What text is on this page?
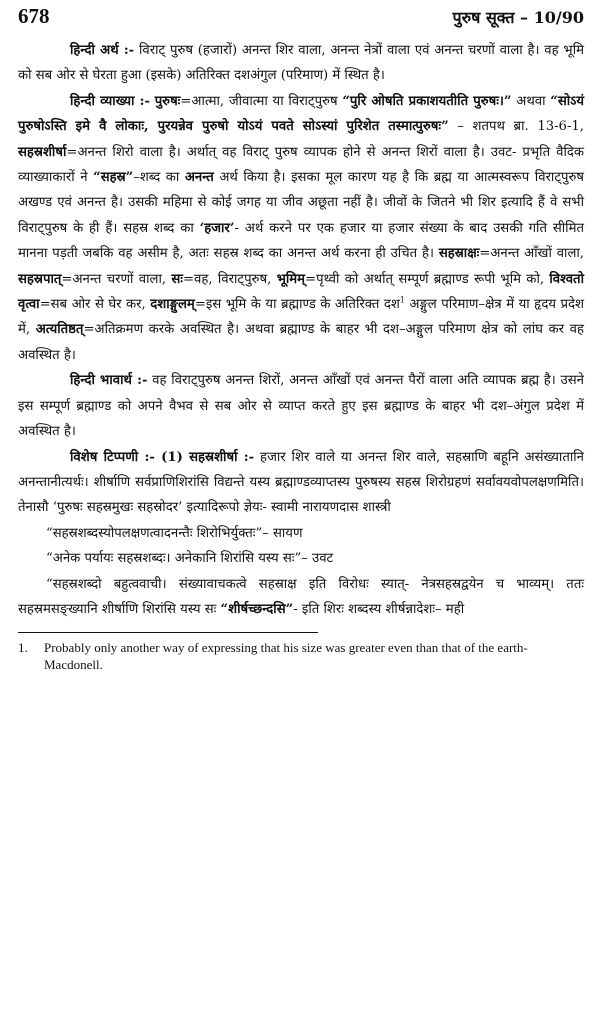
678	पुरुष सूक्त – 10/90

हिन्दी अर्थ :- विराट् पुरुष (हजारों) अनन्त शिर वाला, अनन्त नेत्रों वाला एवं अनन्त चरणों वाला है। वह भूमि को सब ओर से घेरता हुआ (इसके) अतिरिक्त दशअंगुल (परिमाण) में स्थित है।

हिन्दी व्याख्या :- पुरुषः=आत्मा, जीवात्मा या विराट्पुरुष “पुरि ओषति प्रकाशयतीति पुरुषः।” अथवा “सोऽयं पुरुषोऽस्ति इमे वै लोकाः, पुरयन्नेव पुरुषो योऽयं पवते सोऽस्यां पुरिशेत तस्मात्पुरुषः” – शतपथ ब्रा. 13-6-1, सहस्रशीर्षा=अनन्त शिरो वाला है। अर्थात् वह विराट् पुरुष व्यापक होने से अनन्त शिरों वाला है। उवट- प्रभृति वैदिक व्याख्याकारों ने “सहस्र”–शब्द का अनन्त अर्थ किया है। इसका मूल कारण यह है कि ब्रह्म या आत्मस्वरूप विराट्पुरुष अखण्ड एवं अनन्त है। उसकी महिमा से कोई जगह या जीव अछूता नहीं है। जीवों के जितने भी शिर इत्यादि हैं वे सभी विराट्पुरुष के ही हैं। सहस्र शब्द का ‘हजार’- अर्थ करने पर एक हजार या हजार संख्या के बाद उसकी गति सीमित मानना पड़ती जबकि वह असीम है, अतः सहस्र शब्द का अनन्त अर्थ करना ही उचित है। सहस्राक्षः=अनन्त आँखों वाला, सहस्रपात्=अनन्त चरणों वाला, सः=वह, विराट्पुरुष, भूमिम्=पृथ्वी को अर्थात् सम्पूर्ण ब्रह्माण्ड रूपी भूमि को, विश्वतो वृत्वा=सब ओर से घेर कर, दशाङ्गुलम्=इस भूमि के या ब्रह्माण्ड के अतिरिक्त दश$^1$ अङ्गुल परिमाण–क्षेत्र में या हृदय प्रदेश में, अत्यतिष्ठत्=अतिक्रमण करके अवस्थित है। अथवा ब्रह्माण्ड के बाहर भी दश–अङ्गुल परिमाण क्षेत्र को लांघ कर वह अवस्थित है।

हिन्दी भावार्थ :- वह विराट्पुरुष अनन्त शिरों, अनन्त आँखों एवं अनन्त पैरों वाला अति व्यापक ब्रह्म है। उसने इस सम्पूर्ण ब्रह्माण्ड को अपने वैभव से सब ओर से व्याप्त करते हुए इस ब्रह्माण्ड के बाहर भी दश–अंगुल प्रदेश में अवस्थित है।

विशेष टिप्पणी :- (1) सहस्रशीर्षा :- हजार शिर वाले या अनन्त शिर वाले, सहस्राणि बहूनि असंख्यातानि अनन्तानीत्यर्थः। शीर्षाणि सर्वप्राणिशिरांसि विद्यन्ते यस्य ब्रह्माण्डव्याप्तस्य पुरुषस्य सहस्र शिरोग्रहणं सर्वावयवोपलक्षणमिति। तेनासौ ‘पुरुषः सहस्रमुखः सहस्रोदर’ इत्यादिरूपो ज्ञेयः- स्वामी नारायणदास शास्त्री

“सहस्रशब्दस्योपलक्षणत्वादनन्तैः शिरोभिर्युक्तः”– सायण

“अनेक पर्यायः सहस्रशब्दः। अनेकानि शिरांसि यस्य सः”– उवट

“सहस्रशब्दो बहुत्ववाची। संख्यावाचकत्वे सहस्राक्ष इति विरोधः स्यात्- नेत्रसहस्रद्वयेन च भाव्यम्। ततः सहस्रमसङ्ख्यानि शीर्षाणि शिरांसि यस्य सः “शीर्षच्छन्दसि”- इति शिरः शब्दस्य शीर्षन्नादेशः– मही

1.	Probably only another way of expressing that his size was greater even than that of the earth- Macdonell.
